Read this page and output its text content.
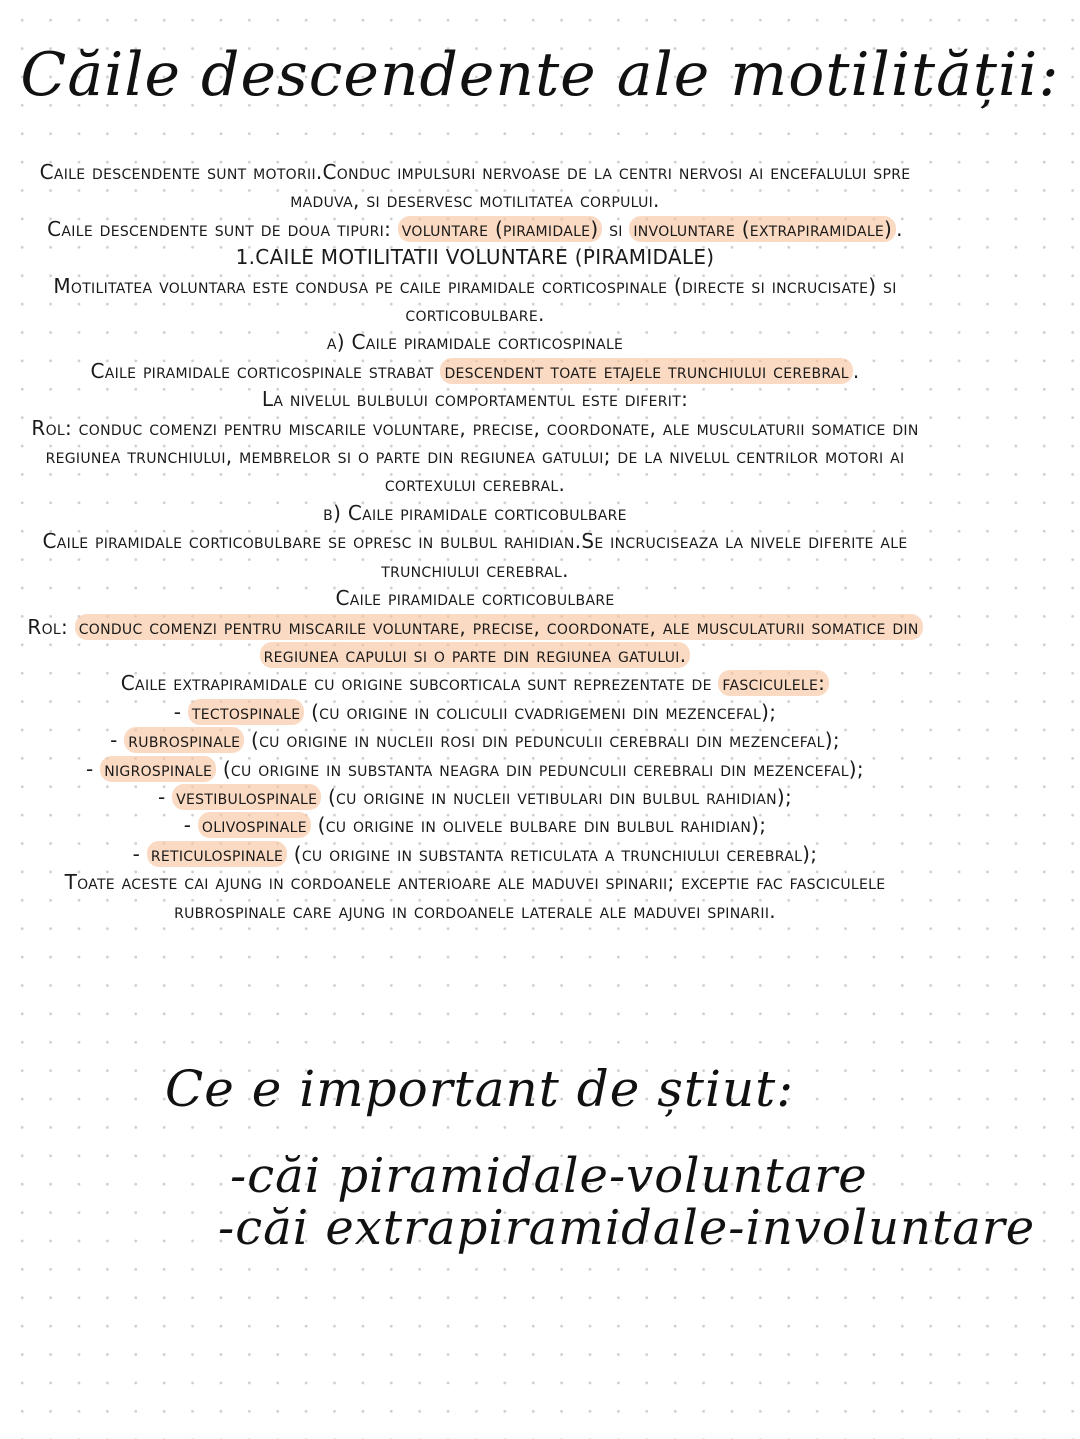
Căile descendente ale motilității:

Caile descendente sunt motorii.Conduc impulsuri nervoase de la centri nervosi ai encefalului spre maduva, si deservesc motilitatea corpului.

Caile descendente sunt de doua tipuri: voluntare (piramidale) si involuntare (extrapiramidale) .

1.CAILE MOTILITATII VOLUNTARE (PIRAMIDALE)

Motilitatea voluntara este condusa pe caile piramidale corticospinale (directe si incrucisate) si corticobulbare.

a) Caile piramidale corticospinale

Caile piramidale corticospinale strabat descendent toate etajele trunchiului cerebral .

La nivelul bulbului comportamentul este diferit:

Rol: conduc comenzi pentru miscarile voluntare, precise, coordonate, ale musculaturii somatice din regiunea trunchiului, membrelor si o parte din regiunea gatului; de la nivelul centrilor motori ai cortexului cerebral.

b) Caile piramidale corticobulbare

Caile piramidale corticobulbare se opresc in bulbul rahidian.Se incruciseaza la nivele diferite ale trunchiului cerebral.

Caile piramidale corticobulbare

Rol: conduc comenzi pentru miscarile voluntare, precise, coordonate, ale musculaturii somatice din regiunea capului si o parte din regiunea gatului.

Caile extrapiramidale cu origine subcorticala sunt reprezentate de fasciculele:

- tectospinale (cu origine in coliculii cvadrigemeni din mezencefal);

- rubrospinale (cu origine in nucleii rosi din pedunculii cerebrali din mezencefal);

- nigrospinale (cu origine in substanta neagra din pedunculii cerebrali din mezencefal);

- vestibulospinale (cu origine in nucleii vetibulari din bulbul rahidian);

- olivospinale (cu origine in olivele bulbare din bulbul rahidian);

- reticulospinale (cu origine in substanta reticulata a trunchiului cerebral);

Toate aceste cai ajung in cordoanele anterioare ale maduvei spinarii; exceptie fac fasciculele rubrospinale care ajung in cordoanele laterale ale maduvei spinarii.

Ce e important de știut:
-căi piramidale-voluntare
-căi extrapiramidale-involuntare
